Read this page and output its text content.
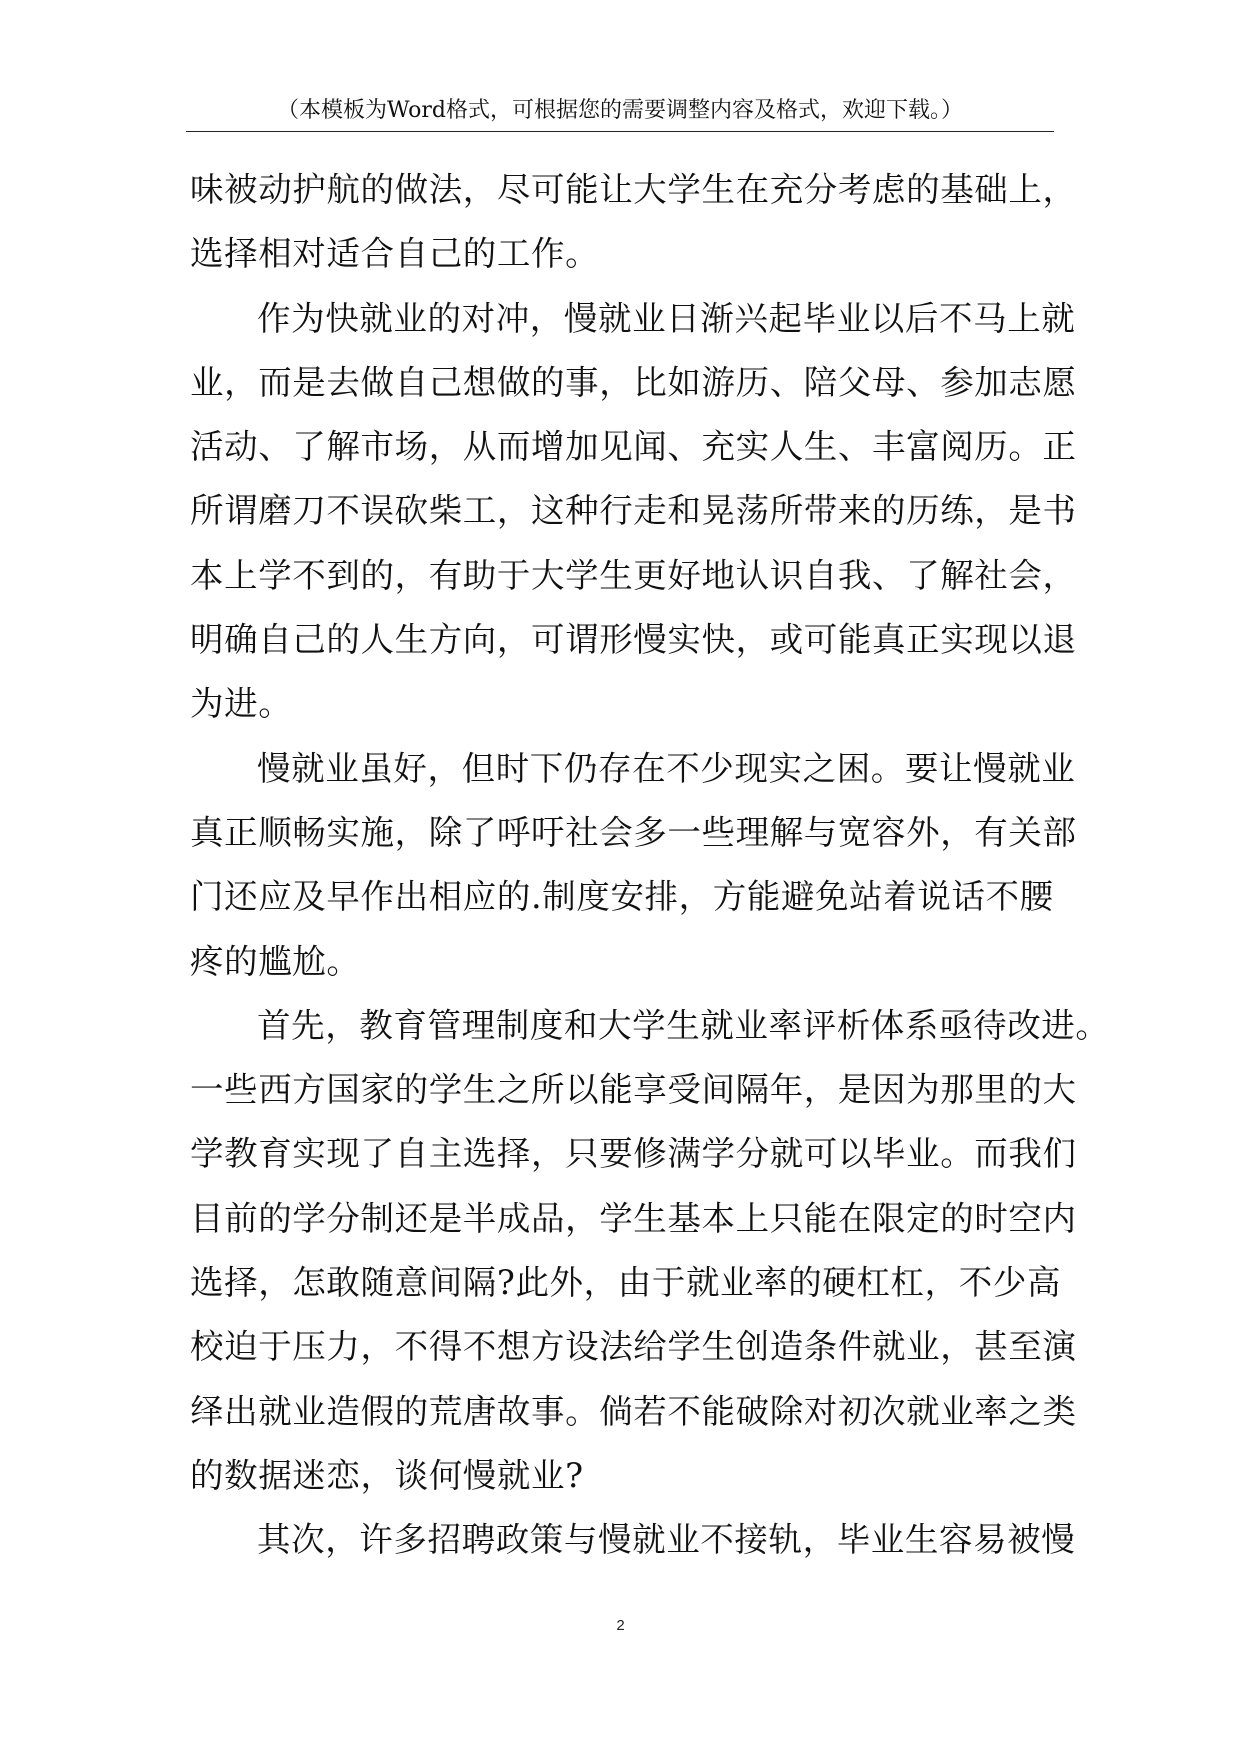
（本模板为Word格式，可根据您的需要调整内容及格式，欢迎下载。）
味被动护航的做法，尽可能让大学生在充分考虑的基础上，
选择相对适合自己的工作。
作为快就业的对冲，慢就业日渐兴起毕业以后不马上就
业，而是去做自己想做的事，比如游历、陪父母、参加志愿
活动、了解市场，从而增加见闻、充实人生、丰富阅历。正
所谓磨刀不误砍柴工，这种行走和晃荡所带来的历练，是书
本上学不到的，有助于大学生更好地认识自我、了解社会，
明确自己的人生方向，可谓形慢实快，或可能真正实现以退
为进。
慢就业虽好，但时下仍存在不少现实之困。要让慢就业
真正顺畅实施，除了呼吁社会多一些理解与宽容外，有关部
门还应及早作出相应的.制度安排，方能避免站着说话不腰
疼的尴尬。
首先，教育管理制度和大学生就业率评析体系亟待改进。
一些西方国家的学生之所以能享受间隔年，是因为那里的大
学教育实现了自主选择，只要修满学分就可以毕业。而我们
目前的学分制还是半成品，学生基本上只能在限定的时空内
选择，怎敢随意间隔?此外，由于就业率的硬杠杠，不少高
校迫于压力，不得不想方设法给学生创造条件就业，甚至演
绎出就业造假的荒唐故事。倘若不能破除对初次就业率之类
的数据迷恋，谈何慢就业?
其次，许多招聘政策与慢就业不接轨，毕业生容易被慢
2
